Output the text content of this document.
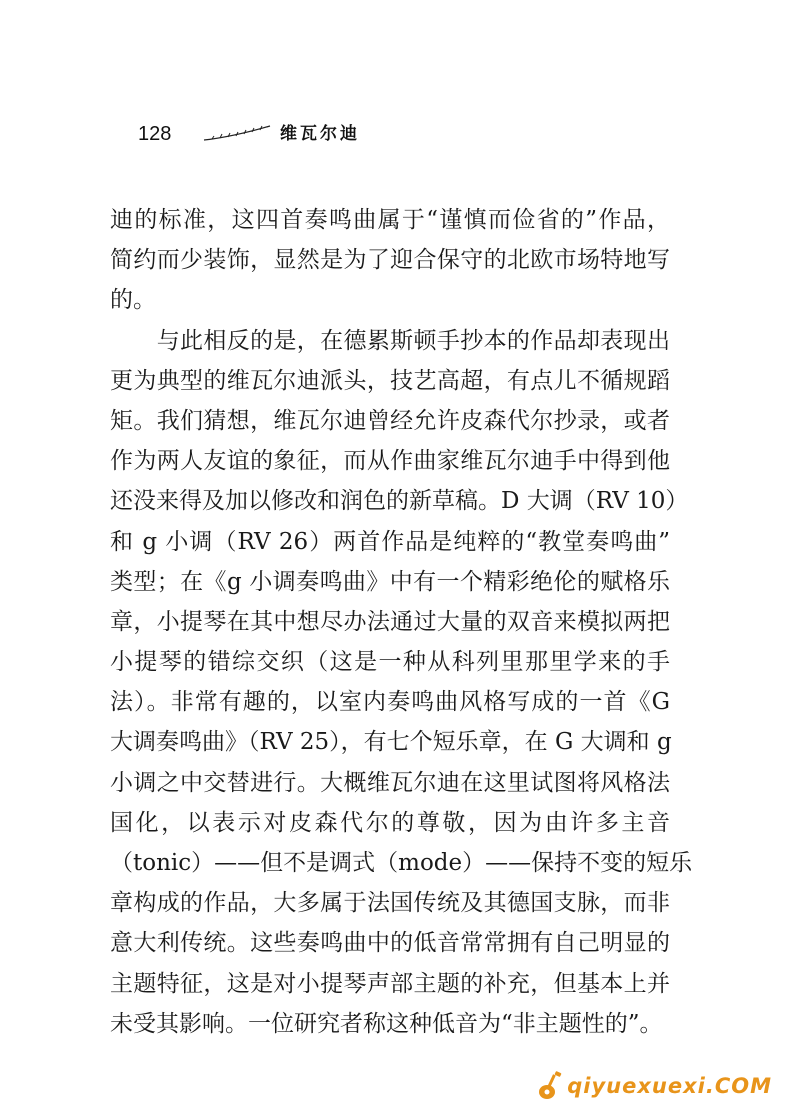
128	维瓦尔迪
迪的标准，这四首奏鸣曲属于“谨慎而俭省的”作品，
简约而少装饰，显然是为了迎合保守的北欧市场特地写
的。
　　与此相反的是，在德累斯顿手抄本的作品却表现出
更为典型的维瓦尔迪派头，技艺高超，有点儿不循规蹈
矩。我们猜想，维瓦尔迪曾经允许皮森代尔抄录，或者
作为两人友谊的象征，而从作曲家维瓦尔迪手中得到他
还没来得及加以修改和润色的新草稿。D 大调（RV 10）
和 g 小调（RV 26）两首作品是纯粹的“教堂奏鸣曲”
类型；在《g 小调奏鸣曲》中有一个精彩绝伦的赋格乐
章，小提琴在其中想尽办法通过大量的双音来模拟两把
小提琴的错综交织（这是一种从科列里那里学来的手
法）。非常有趣的，以室内奏鸣曲风格写成的一首《G
大调奏鸣曲》（RV 25），有七个短乐章，在 G 大调和 g
小调之中交替进行。大概维瓦尔迪在这里试图将风格法
国化，以表示对皮森代尔的尊敬，因为由许多主音
（tonic）——但不是调式（mode）——保持不变的短乐
章构成的作品，大多属于法国传统及其德国支脉，而非
意大利传统。这些奏鸣曲中的低音常常拥有自己明显的
主题特征，这是对小提琴声部主题的补充，但基本上并
未受其影响。一位研究者称这种低音为“非主题性的”。
qiyuexuexi.COM
